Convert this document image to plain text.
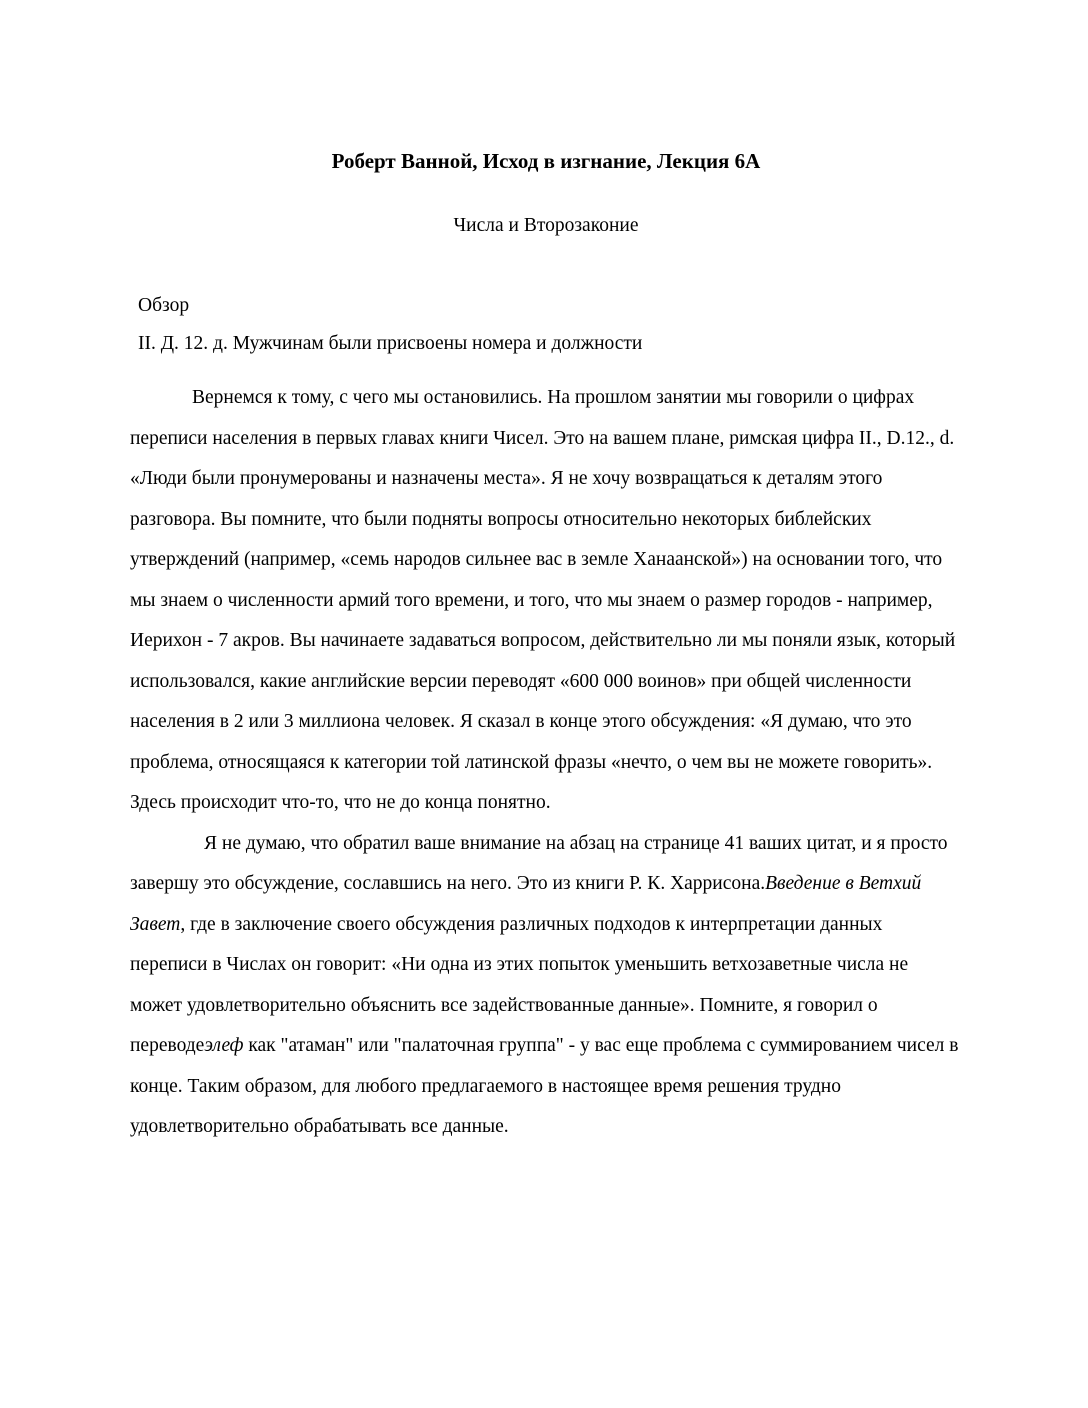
Роберт Ванной, Исход в изгнание, Лекция 6А
Числа и Второзаконие

Обзор

II. Д. 12. д. Мужчинам были присвоены номера и должности

Вернемся к тому, с чего мы остановились. На прошлом занятии мы говорили о цифрах переписи населения в первых главах книги Чисел. Это на вашем плане, римская цифра II., D.12., d. «Люди были пронумерованы и назначены места». Я не хочу возвращаться к деталям этого разговора. Вы помните, что были подняты вопросы относительно некоторых библейских утверждений (например, «семь народов сильнее вас в земле Ханаанской») на основании того, что мы знаем о численности армий того времени, и того, что мы знаем о размер городов - например, Иерихон - 7 акров. Вы начинаете задаваться вопросом, действительно ли мы поняли язык, который использовался, какие английские версии переводят «600 000 воинов» при общей численности населения в 2 или 3 миллиона человек. Я сказал в конце этого обсуждения: «Я думаю, что это проблема, относящаяся к категории той латинской фразы «нечто, о чем вы не можете говорить». Здесь происходит что-то, что не до конца понятно.

Я не думаю, что обратил ваше внимание на абзац на странице 41 ваших цитат, и я просто завершу это обсуждение, сославшись на него. Это из книги Р. К. Харрисона.Введение в Ветхий Завет, где в заключение своего обсуждения различных подходов к интерпретации данных переписи в Числах он говорит: «Ни одна из этих попыток уменьшить ветхозаветные числа не может удовлетворительно объяснить все задействованные данные». Помните, я говорил о переводеэлеф как "атаман" или "палаточная группа" - у вас еще проблема с суммированием чисел в конце. Таким образом, для любого предлагаемого в настоящее время решения трудно удовлетворительно обрабатывать все данные.
